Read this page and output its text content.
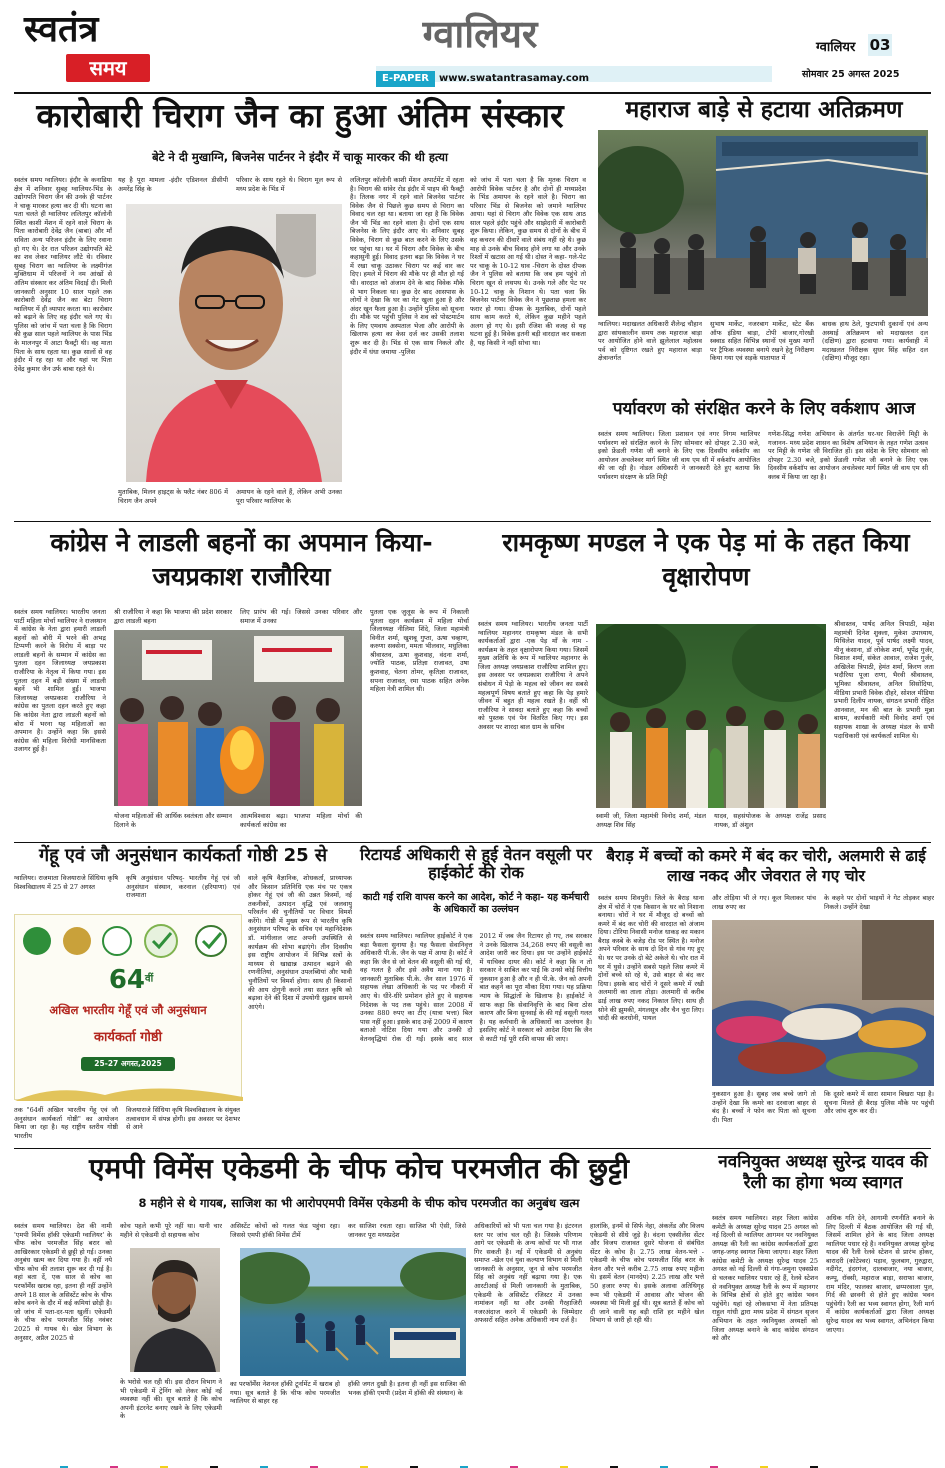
स्वतंत्र
समय
ग्वालियर
E-PAPER www.swatantrasamay.com
ग्वालियर 03
सोमवार 25 अगस्त 2025
कारोबारी चिराग जैन का हुआ अंतिम संस्कार
बेटे ने दी मुखाग्नि, बिजनेस पार्टनर ने इंदौर में चाकू मारकर की थी हत्या
स्वतंत्र समय ग्वालियर। इंदौर के कनाडिया क्षेत्र में शनिवार सुबह ग्वालियर-भिंड के उद्योगपति चिराग जैन की उनके ही पार्टनर ने चाकू मारकर हत्या कर दी थी। घटना का पता चलते ही ग्वालियर ललितपुर कॉलोनी स्थित काशी मेंशन में रहने वाले चिराग के पिता कारोबारी देवेंद्र जैन (बाबा) और माँ सविता अन्य परिजन इंदौर के लिए रवाना हो गए थे। देर रात परिजन उद्योगपति बेटे का शव लेकर ग्वालियर लौटे थे। रविवार सुबह चिराग का ग्वालियर के लक्ष्मीगंज मुक्तिधाम में परिजनों ने नम आंखों से अंतिम संस्कार कर अंतिम विदाई दी। मिली जानकारी अनुसार 10 साल पहले तक कारोबारी देवेंद्र जैन का बेटा चिराग ग्वालियर में ही व्यापार करता था। कारोबार को बढ़ाने के लिए वह इंदौर चले गए थे। पुलिस को जांच में पता चला है कि चिराग की कुछ साल पहले ग्वालियर के पास भिंड के मालनपुर में आटा फैक्ट्री थी। वह माता पिता के साथ रहता था। कुछ सालों से वह इंदौर में रह रहा था और यहां पर पिता देवेंद्र कुमार जैन उर्फ बाबा रहते थे।
यह है पूरा मामला -इंदौर एडिशनल डीसीपी अमरेंद्र सिंह के
परिवार के साथ रहते थे। चिराग मूल रूप से मध्य प्रदेश के भिंड में
मुताबिक, मिलन हाइट्स के फ्लैट नंबर 806 में चिराग जैन अपने
अमायन के रहने वाले हैं, लेकिन अभी उनका पूरा परिवार ग्वालियर के
ललितपुर कॉलोनी काशी मेंशन अपार्टमेंट में रहता है। चिराग की सांवेर रोड इंदौर में पाइप की फैक्ट्री है। तिलक नगर में रहने वाले बिजनेस पार्टनर विवेक जैन से पिछले कुछ समय से चिराग का विवाद चल रहा था। बताया जा रहा है कि विवेक जैन भी भिंड का रहने वाला है। दोनों एक साथ बिजनेस के लिए इंदौर आए थे। शनिवार सुबह विवेक, चिराग से कुछ बात करने के लिए उसके घर पहुंचा था। घर में चिराग और विवेक के बीच कहासुनी हुई। विवाद इतना बढ़ा कि विवेक ने घर में रखा चाकू उठाकर चिराग पर कई वार कर दिए। हमले में चिराग की मौके पर ही मौत हो गई थी। वारदात को अंजाम देने के बाद विवेक मौके से भाग निकला था। कुछ देर बाद आसपास के लोगों ने देखा कि घर का गेट खुला हुआ है और अंदर खून फैला हुआ है। उन्होंने पुलिस को सूचना दी। मौके पर पहुंची पुलिस ने शव को पोस्टमार्टम के लिए एमवाय अस्पताल भेजा और आरोपी के खिलाफ हत्या का केस दर्ज कर उसकी तलाश शुरू कर दी है। भिंड से एक साथ निकले और इंदौर में धंधा जमाया -पुलिस
को जांच में पता चला है कि मृतक चिराग व आरोपी विवेक पार्टनर है और दोनों ही मध्यप्रदेश के भिंड अमायन के रहने वाले है। चिराग का परिवार भिंड से बिजनेस को जमाने ग्वालियर आया। यहां से चिराग और विवेक एक साथ आठ साल पहले इंदौर पहुंचे और साझेदारी में कारोबारी शुरू किया। लेकिन, कुछ समय से दोनों के बीच में वह कचरन की दीवारें वाले संबंध नहीं रहे थे। कुछ माह से उनके बीच विवाद होने लगा था और उनके रिश्तों में खटास आ गई थी। दोस्त ने कहा- गले-पेट पर चाकू के 10-12 घाव -चिराग के दोस्त दीपक जैन ने पुलिस को बताया कि जब हम पहुंचे तो चिराग खून से लथपथ थे। उनके गले और पेट पर 10-12 चाकू के निशान थे। पता चला कि बिजनेस पार्टनर विवेक जैन ने पूछताछ हमला कर फरार हो गया। दीपक के मुताबिक, दोनों पहले साथ काम करते थे, लेकिन कुछ महीने पहले अलग हो गए थे। इसी रंजिश की वजह से यह घटना हुई है। विवेक इतनी बड़ी वारदात कर सकता है, यह किसी ने नहीं सोचा था।
महाराज बाड़े से हटाया अतिक्रमण
ग्वालियर। मदाखलत अधिकारी शैलेन्द्र चौहान द्वारा सांयकालीन समय तक महाराज बाड़ा पर आयोजित होने वाले झूलेलाल महोत्सव पर्व को दृष्टिगत रखते हुए महाराज बाड़ा क्षेत्रान्तर्गत
सुभाष मार्केट, नजरबाग मार्केट, स्टेट बैंक ऑफ इंडिया बाड़ा, टोपी बाजार,गोरखी स्क्वाड सहित विभिन्न स्थानों एवं मुख्य मार्गों पर ट्रैफिक व्यवस्था बनाये रखने हेतु निरीक्षण किया गया एवं सड़कें यातायात में
बाधक हाथ ठेले, फुटपाथी दुकानों एवं अन्य अस्थाई अतिक्रमण को मदाखलत दल (दक्षिण) द्वारा हटवाया गया। कार्यवाही में मदाखलत निरीक्षक सुधर सिंह सहित दल (दक्षिण) मौजूद रहा।
पर्यावरण को संरक्षित करने के लिए वर्कशाप आज
स्वतंत्र समय ग्वालियर। जिला प्रशासन एवं नगर निगम ग्वालियर पर्यावरण को संरक्षित करने के लिए सोमवार को दोपहर 2.30 बजे, इको फ्रेंडली गणेश जी बनाने के लिए एक दिवसीय वर्कशॉप का आयोजन अचलेश्वर मार्ग स्थित जी वाय एम सी में वर्कशॉप आयोजित की जा रही है। नोडल अधिकारी ने जानकारी देते हुए बताया कि पर्यावरण संरक्षण के प्रति मिट्टी
गणेश-सिद्ध गणेश अभियान के अंतर्गत घर-घर विराजेंगे मिट्टी के गजानन- मध्य प्रदेश शासन का विशेष अभियान के तहत गणेश उत्सव पर मिट्टी के गणेश जी विराजित हों। इस संदेश के लिए सोमवार को दोपहर 2.30 बजे, इको फ्रेंडली गणेश जी बनाने के लिए एक दिवसीय वर्कशॉप का आयोजन अचलेश्वर मार्ग स्थित जी वाय एम सी क्लब में किया जा रहा है।
कांग्रेस ने लाडली बहनों का अपमान किया-जयप्रकाश राजौरिया
स्वतंत्र समय ग्वालियर। भारतीय जनता पार्टी महिला मोर्चा ग्वालियर ने राजस्थान में कांग्रेस के नेता द्वारा हमारी लाडली बहनों को बोरी में भरने की अभद्र टिप्पणी करने के विरोध में बाड़ा पर लाडली बहनों के सम्मान में कांग्रेस का पुतला दहन जिलाध्यक्ष जयप्रकाश राजौरिया के नेतृत्व में किया गया। इस पुतला दहन में बड़ी संख्या में लाडली बहनें भी शामिल हुईं। भाजपा जिलाध्यक्ष जयप्रकाश राजौरिया ने कांग्रेस का पुतला दहन करते हुए कहा कि कांग्रेस नेता द्वारा लाडली बहनों को बोरा में भरना यह महिलाओं का अपमान है। उन्होंने कहा कि इससे कांग्रेस की महिला विरोधी मानसिकता उजागर हुई है।
श्री राजौरिया ने कहा कि भाजपा की प्रदेश सरकार द्वारा लाडली बहना
लिए प्रारंभ की गई। जिससे उनका परिवार और समाज में उनका
योजना महिलाओं की आर्थिक स्वतंत्रता और सम्मान दिलाने के
आत्मविश्वास बढ़ा। भाजपा महिला मोर्चा की कार्यकर्ता कांग्रेस का
पुतला एक जुलूस के रूप में निकाली पुतला दहन कार्यक्रम में महिला मोर्चा जिलाध्यक्ष नीलिमा शिंदे, जिला महामंत्री विनीत शर्मा, खुशबू गुप्ता, ऊषा चव्हाण, करुणा सक्सेना, ममता भीलवार, मधुलिका श्रीवास्तव, ऊषा कुशवाह, वंदना शर्मा, ज्योति पाठक, प्रतिज्ञा राजावत, उषा कुशवाह, चेतना तोमर, कृतिज्ञा राजावत, सपना राजावत, रमा पाठक सहित अनेक महिला नेत्री शामिल थी।
रामकृष्ण मण्डल ने एक पेड़ मां के तहत किया वृक्षारोपण
स्वतंत्र समय ग्वालियर। भारतीय जनता पार्टी ग्वालियर महानगर रामकृष्ण मंडल के सभी कार्यकर्ताओं द्वारा -एक पेड़ माँ के नाम - कार्यक्रम के तहत वृक्षारोपण किया गया। जिसमें मुख्य अतिथि के रूप में ग्वालियर महानगर के जिला अध्यक्ष जयप्रकाश राजौरिया शामिल हुए। इस अवसर पर जयप्रकाश राजौरिया ने अपने संबोधन में पेड़ो के महत्व को जीवन का सबसे महत्वपूर्ण विषय बताते हुए कहा कि पेड़ हमारे जीवन में बहुत ही महत्व रखते है। वहीं श्री राजौरिया ने सावदा बताते हुए कहा कि बच्चों को पुस्तक एवं पेन वितरित किए गए। इस अवसर पर शारदा बाल ग्राम के सचिव
स्वामी जी, जिला महामंत्री विनोद शर्मा, मंडल अध्यक्ष शिव सिंह
यादव, सहसंयोजक के अध्यक्ष राजेंद्र प्रसाद नायक, डॉ अंशुल
श्रीवास्तव, पार्षद अनिल त्रिपाठी, महेश महामंत्री दिनेश शुक्ला, मुकेश उपाध्याय, मिथिलेश यादव, पूर्व पार्षद लक्ष्मी यादव, मीनू कंसाना, डॉ लोकेश शर्मा, भूपेंद्र गुर्जर, विशाल शर्मा, संकेत आवाल, राजेश गुर्जर, अखिलेश त्रिपाठी, हेमंत शर्मा, किरण लता भदौरिया पूजा राणा, भैरवी श्रीवास्तव, भूमिका श्रीवास्तव, अनिल सिसोदिया, मीडिया प्रभारी विवेक दौहरे, सोशल मीडिया प्रभारी दिलीप नायक, संगठन प्रभारी रोहित आनवाल, मन की बात के प्रभारी मुन्ना बाथम, कार्यकारी मंत्री विनोद शर्मा एवं सहायक शाखा के अध्यक्ष मंडल के सभी पदाधिकारी एवं कार्यकर्ता शामिल थे।
गेंहू एवं जौ अनुसंधान कार्यकर्ता गोष्ठी 25 से
ग्वालियर। राजमाता विजयाराजे सिंधिया कृषि विश्वविद्यालय में 25 से 27 अगस्त
कृषि अनुसंधान परिषद्- भारतीय गेहूं एवं जौ अनुसंधान संस्थान, करनाल (हरियाणा) एवं राजमाता
वाले कृषि वैज्ञानिक, शोधकर्ता, प्राध्यापक और किसान प्रतिनिधि एक मंच पर एकत्र होकर गेहूं एवं जौ की उन्नत किस्मों, नई तकनीकों, उत्पादन वृद्धि एवं जलवायु परिवर्तन की चुनौतियों पर विचार विमर्श करेंगे। गोष्ठी में मुख्य रूप से भारतीय कृषि अनुसंधान परिषद के सचिव एवं महानिदेशक डॉ. मांगीलाल जाट अपनी उपस्थिति से कार्यक्रम की शोभा बढ़ाएंगे। तीन दिवसीय इस राष्ट्रीय आयोजन में विभिन्न सत्रों के माध्यम से खाद्यान्न उत्पादन बढ़ाने की रणनीतियां, अनुसंधान उपलब्धियां और भावी चुनौतियों पर विमर्श होगा। साथ ही किसानों की आय दोगुनी करने तथा सतत कृषि को बढ़ावा देने की दिशा में उपयोगी सुझाव सामने आएंगे।
$64^{वीं}$
अखिल भारतीय गेहूँ एवं जौ अनुसंधान
कार्यकर्ता गोष्ठी
25-27 अगस्त,2025
तक "64वीं अखिल भारतीय गेंहू एवं जौ अनुसंधान कार्यकर्ता गोष्ठी" का आयोजन किया जा रहा है। यह राष्ट्रीय स्तरीय गोष्ठी भारतीय
विजयाराजे सिंधिया कृषि विश्वविद्यालय के संयुक्त तत्वावधान में संपन्न होगी। इस अवसर पर देशभर से आने
रिटायर्ड अधिकारी से हुई वेतन वसूली पर हाईकोर्ट की रोक
काटी गई राशि वापस करने का आदेश, कोर्ट ने कहा- यह कर्मचारी के अधिकारों का उल्लंघन
स्वतंत्र समय ग्वालियर। ग्वालियर हाईकोर्ट ने एक बड़ा फैसला सुनाया है। यह फैसला सेवानिवृत्त अधिकारी पी.के. जैन के पक्ष में आया है। कोर्ट ने कहा कि जैन से जो वेतन की वसूली की गई थी, वह गलत है और इसे अवैध माना गया है। जानकारी मुताबिक पी.के. जैन साल 1976 में सहायक लेखा अधिकारी के पद पर नौकरी में आए थे। धीरे-धीरे प्रमोशन होते हुए वे सहायक निदेशक के पद तक पहुंचे। साल 2008 में उनका 880 रुपए का टीए (यात्रा भत्ता) बिल पास नहीं हुआ। इसके बाद उन्हें 2009 में कारण बताओ नोटिस दिया गया और उनकी दो वेतनवृद्धियां रोक दी गईं। इसके बाद साल 2012 में जब जैन रिटायर हो गए, तब सरकार ने उनके खिलाफ 34,268 रुपए की वसूली का आदेश जारी कर दिया। इस पर उन्होंने हाईकोर्ट में याचिका दायर की। कोर्ट ने कहा कि न तो सरकार ने साबित कर पाई कि उनसे कोई वित्तीय नुकसान हुआ है और न ही पी.के. जैन को अपनी बात कहने का पूरा मौका दिया गया। यह प्रक्रिया न्याय के सिद्धांतों के खिलाफ है। हाईकोर्ट ने साफ कहा कि सेवानिवृत्ति के बाद बिना ठोस कारण और बिना सुनवाई के की गई वसूली गलत है। यह कर्मचारी के अधिकारों का उल्लंघन है। इसलिए कोर्ट ने सरकार को आदेश दिया कि जैन से काटी गई पूरी राशि वापस की जाए।
बैराड़ में बच्चों को कमरे में बंद कर चोरी, अलमारी से ढाई लाख नकद और जेवरात ले गए चोर
स्वतंत्र समय शिवपुरी। जिले के बैराड़ थाना क्षेत्र में चोरों ने एक किसान के घर को निशाना बनाया। चोरों ने घर में मौजूद दो बच्चों को कमरे में बंद कर चोरी की वारदात को अंजाम दिया। टोरिया निवासी मनोज धाकड़ का मकान बैराड़ कस्बे के बजेड़ रोड पर स्थित है। मनोज अपने परिवार के साथ दो दिन से गांव गए हुए थे। घर पर उनके दो बेटे अकेले थे। चोर रात में घर में घुसे। उन्होंने सबसे पहले जिस कमरे में दोनों बच्चे सो रहे थे, उसे बाहर से बंद कर दिया। इसके बाद चोरों ने दूसरे कमरे में रखी अलमारी का ताला तोड़ा। अलमारी से करीब ढाई लाख रुपए नकद निकाल लिए। साथ ही सोने की झुमकी, मंगलसूत्र और चैन चुरा लिए। चांदी की करधोनी, पायल
और तोड़िया भी ले गए। कूल मिलाकर पांच लाख रुपए का
के कहने पर दोनों भाइयों ने गेट तोड़कर बाहर निकले। उन्होंने देखा
नुकसान हुआ है। सुबह जब बच्चे जागे तो उन्होंने देखा कि कमरे का दरवाजा बाहर से बंद है। बच्चों ने फोन कर पिता को सूचना दी। पिता
कि दूसरे कमरे में सारा सामान बिखरा पड़ा है। सूचना मिलते ही बैराड़ पुलिस मौके पर पहुंची और जांच शुरू कर दी।
एमपी विमेंस एकेडमी के चीफ कोच परमजीत की छुट्टी
8 महीने से थे गायब, साजिश का भी आरोपएमपी विमेंस एकेडमी के चीफ कोच परमजीत का अनुबंध खत्म
स्वतंत्र समय ग्वालियर। देश की नामी 'एमपी विमेंस हॉकी एकेडमी ग्वालियर' के चीफ कोच परमजीत सिंह बरार को आखिरकार एकेडमी से छुट्टी हो गई। उनका अनुबंध खत्म कर दिया गया है। वहीं नये चीफ कोच की तलाश शुरू कर दी गई है। वहां बता दें, एक साल से कोच का परफॉर्मेंस खराब रहा, इतना ही नहीं उन्होंने अपने 18 साल के असिस्टेंट कोच के चीफ कोच बनने के दौर में कई कमियां छोड़ी है। जो जांच में पता-दर-पता खुलीं। एकेडमी के चीफ कोच परमजीत सिंह नवंबर 2025 से गायब थे। खेल विभाग के अनुसार, अप्रैल 2025 से
कोच पहले कभी पूरे नहीं था। यानी चार महीने से एकेडमी दो सहायक कोच
के भरोसे चल रही थी। इस दौरान विभाग ने भी एकेडमी में ट्रेनिंग को लेकर कोई नई व्यवस्था नहीं की। सूत्र बताते है कि कोच अपनी इंटरनेट बनाए रखने के लिए एकेडमी के
असिस्टेंट कोचों को गलत फंड पहुंचा रहा। जिससे एमपी हॉकी विमेंस टीमें
कर साजिश रचता रहा। साजिश भी ऐसी, जिसे जानकर पूरा मध्यप्रदेश
का परफॉर्मेंस नेशनल हॉकी टूर्नामेंट में खराब हो गया। सूत्र बताते है कि चीफ कोच परमजीत ग्वालियर से बाहर रह
हॉकी जगत दुखी है। इतना ही नहीं इस साजिश की भनक हॉकी एमपी (प्रदेश में हॉकी की संस्थान) के
अधिकारियों को भी पता चल गया है। इंटरनल स्तर पर जांच चल रही है। जिसके परिणाम आगे पर एकेडमी के अन्य कोचों पर भी गाज गिर सकती है। नई में एकेडमी से अनुबंध समाप्त -खेल एवं युवा कल्याण विभाग से मिली जानकारी के अनुसार, जून से कोच परमजीत सिंह को अनुबंध नहीं बढ़ाया गया है। एक आरटीआई से मिली जानकारी के मुताबिक, एकेडमी के असिस्टेंट रजिस्टर में उनका नामांकन नहीं था और उनकी गैरहाजिरी नजरअंदाज करने में एकेडमी के जिम्मेदार अफसरों सहित अनेक अधिकारी नाम दर्ज है।
हालांकि, इनमें से सिर्फ नेहा, अंकलेंड और विजय एकेडमी से सीधे जुड़े है। वंदना एक्सीलेंस सेंटर और विजय राजावत दूसरे योजना से संबंधित सेंटर के कोच है। 2.75 लाख वेतन-भत्ते - एकेडमी के चीफ कोच परमजीत सिंह बरार के वेतन और भत्ते करीब 2.75 लाख रुपए महीना थे। इसमें वेतन (मानदेय) 2.25 लाख और भत्ते 50 हजार रुपए थे। इसके अलावा अतिथिगृह रूम भी एकेडमी में आवास और भोजन की व्यवस्था भी मिली हुई थी। सूत्र बताते हैं कोच को दी जाने वाली यह बड़ी राशि हर महीने खेल विभाग से जारी हो रही थी।
नवनियुक्त अध्यक्ष सुरेन्द्र यादव की रैली का होगा भव्य स्वागत
स्वतंत्र समय ग्वालियर। शहर जिला कांग्रेस कमेटी के अध्यक्ष सुरेन्द्र यादव 25 अगस्त को नई दिल्ली से ग्वालियर आगमन पर नवनियुक्त अध्यक्ष की रैली का कांग्रेस कार्यकर्ताओं द्वारा जगह-जगह स्वागत किया जाएगा। शहर जिला कांग्रेस कमेटी के अध्यक्ष सुरेन्द्र यादव 25 अगस्त को नई दिल्ली से गंगा-जमुना एक्सप्रेस से चलकर ग्वालियर पधार रहे हैं, रेलवे स्टेशन से नवनियुक्त अध्यक्ष रैली के रूप में महानगर के विभिन्न क्षेत्रों से होते हुए कांग्रेस भवन पहुंचेंगे। यहां रहे लोकसभा में नेता प्रतिपक्ष राहुल गांधी द्वारा मध्य प्रदेश में संगठन सृजन अभियान के तहत नवनियुक्त अध्यक्षों को जिला अध्यक्ष बनाने के बाद कांग्रेस संगठन को और
अधिक गति देने, आगामी रणनीति बनाने के लिए दिल्ली में बैठक आयोजित की गई थी, जिसमें शामिल होने के बाद जिला अध्यक्ष ग्वालियर पधार रहे है। नवनियुक्त अध्यक्ष सुरेन्द्र यादव की रैली रेलवे स्टेशन से प्रारंभ होकर, बारादरी (कोटेश्वर) पड़ाव, फूलबाग, गुरुद्वारा, नदीगेट, इंदरगंज, दालबाजार, नया बाजार, कम्पू, रॉक्सी, महाराज बाड़ा, सराफा बाजार, राम मंदिर, फालका बाजार, छप्परवाला पुल, गिर्द की छावनी से होते हुए कांग्रेस भवन पहुंचेगी। रैली का भव्य स्वागत होगा, रैली मार्ग में कांग्रेस कार्यकर्ताओं द्वारा जिला अध्यक्ष सुरेन्द्र यादव का भव्य स्वागत, अभिनंदन किया जाएगा।
